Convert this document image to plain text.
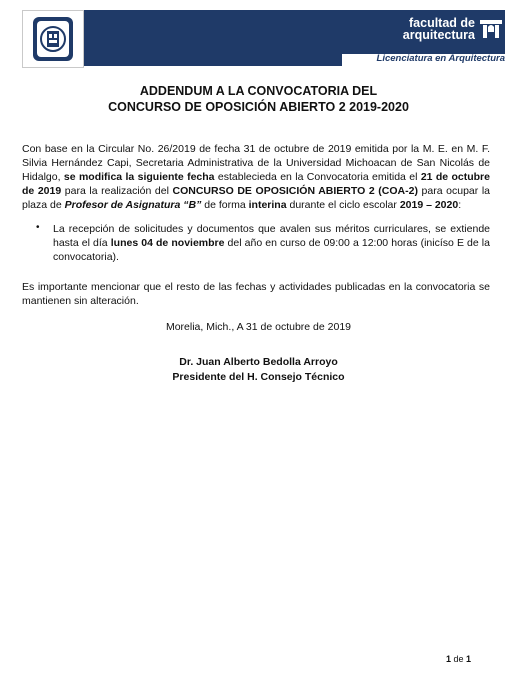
facultad de
arquitectura
Licenciatura en Arquitectura
ADDENDUM A LA CONVOCATORIA DEL
CONCURSO DE OPOSICIÓN ABIERTO 2 2019-2020
Con base en la Circular No. 26/2019 de fecha 31 de octubre de 2019 emitida por la M. E. en M. F. Silvia Hernández Capi, Secretaria Administrativa de la Universidad Michoacan de San Nicolás de Hidalgo, se modifica la siguiente fecha establecieda en la Convocatoria emitida el 21 de octubre de 2019 para la realización del CONCURSO DE OPOSICIÓN ABIERTO 2 (COA-2) para ocupar la plaza de Profesor de Asignatura “B” de forma interina durante el ciclo escolar 2019 – 2020:
• La recepción de solicitudes y documentos que avalen sus méritos curriculares, se extiende hasta el día lunes 04 de noviembre del año en curso de 09:00 a 12:00 horas (inicíso E de la convocatoria).
Es importante mencionar que el resto de las fechas y actividades publicadas en la convocatoria se mantienen sin alteración.
Morelia, Mich., A 31 de octubre de 2019
Dr. Juan Alberto Bedolla Arroyo
Presidente del H. Consejo Técnico
1 de 1
